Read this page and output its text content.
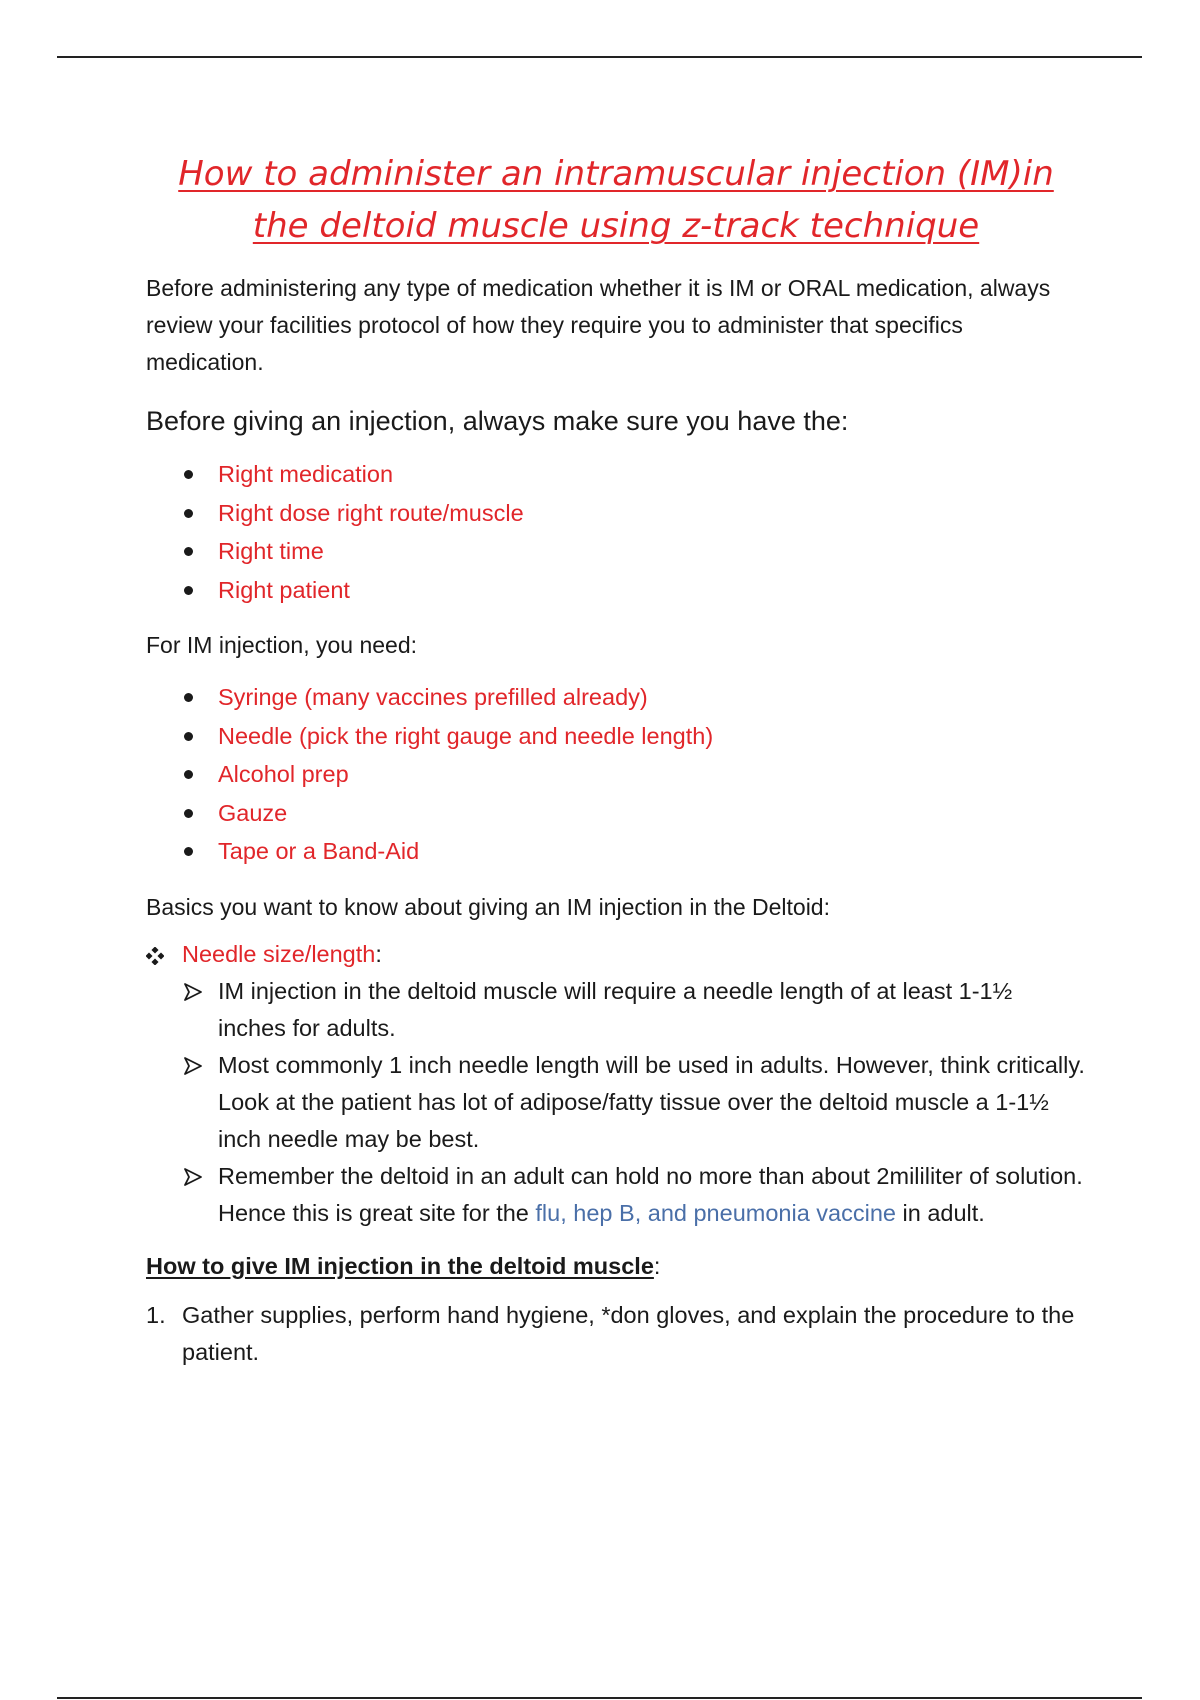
How to administer an intramuscular injection (IM)in the deltoid muscle using z-track technique

Before administering any type of medication whether it is IM or ORAL medication, always review your facilities protocol of how they require you to administer that specifics medication.

Before giving an injection, always make sure you have the:

Right medication
Right dose right route/muscle
Right time
Right patient

For IM injection, you need:

Syringe (many vaccines prefilled already)
Needle (pick the right gauge and needle length)
Alcohol prep
Gauze
Tape or a Band-Aid

Basics you want to know about giving an IM injection in the Deltoid:

Needle size/length:
IM injection in the deltoid muscle will require a needle length of at least 1-1½ inches for adults.
Most commonly 1 inch needle length will be used in adults. However, think critically. Look at the patient has lot of adipose/fatty tissue over the deltoid muscle a 1-1½ inch needle may be best.
Remember the deltoid in an adult can hold no more than about 2mililiter of solution. Hence this is great site for the flu, hep B, and pneumonia vaccine in adult.

How to give IM injection in the deltoid muscle:

1. Gather supplies, perform hand hygiene, *don gloves, and explain the procedure to the patient.
